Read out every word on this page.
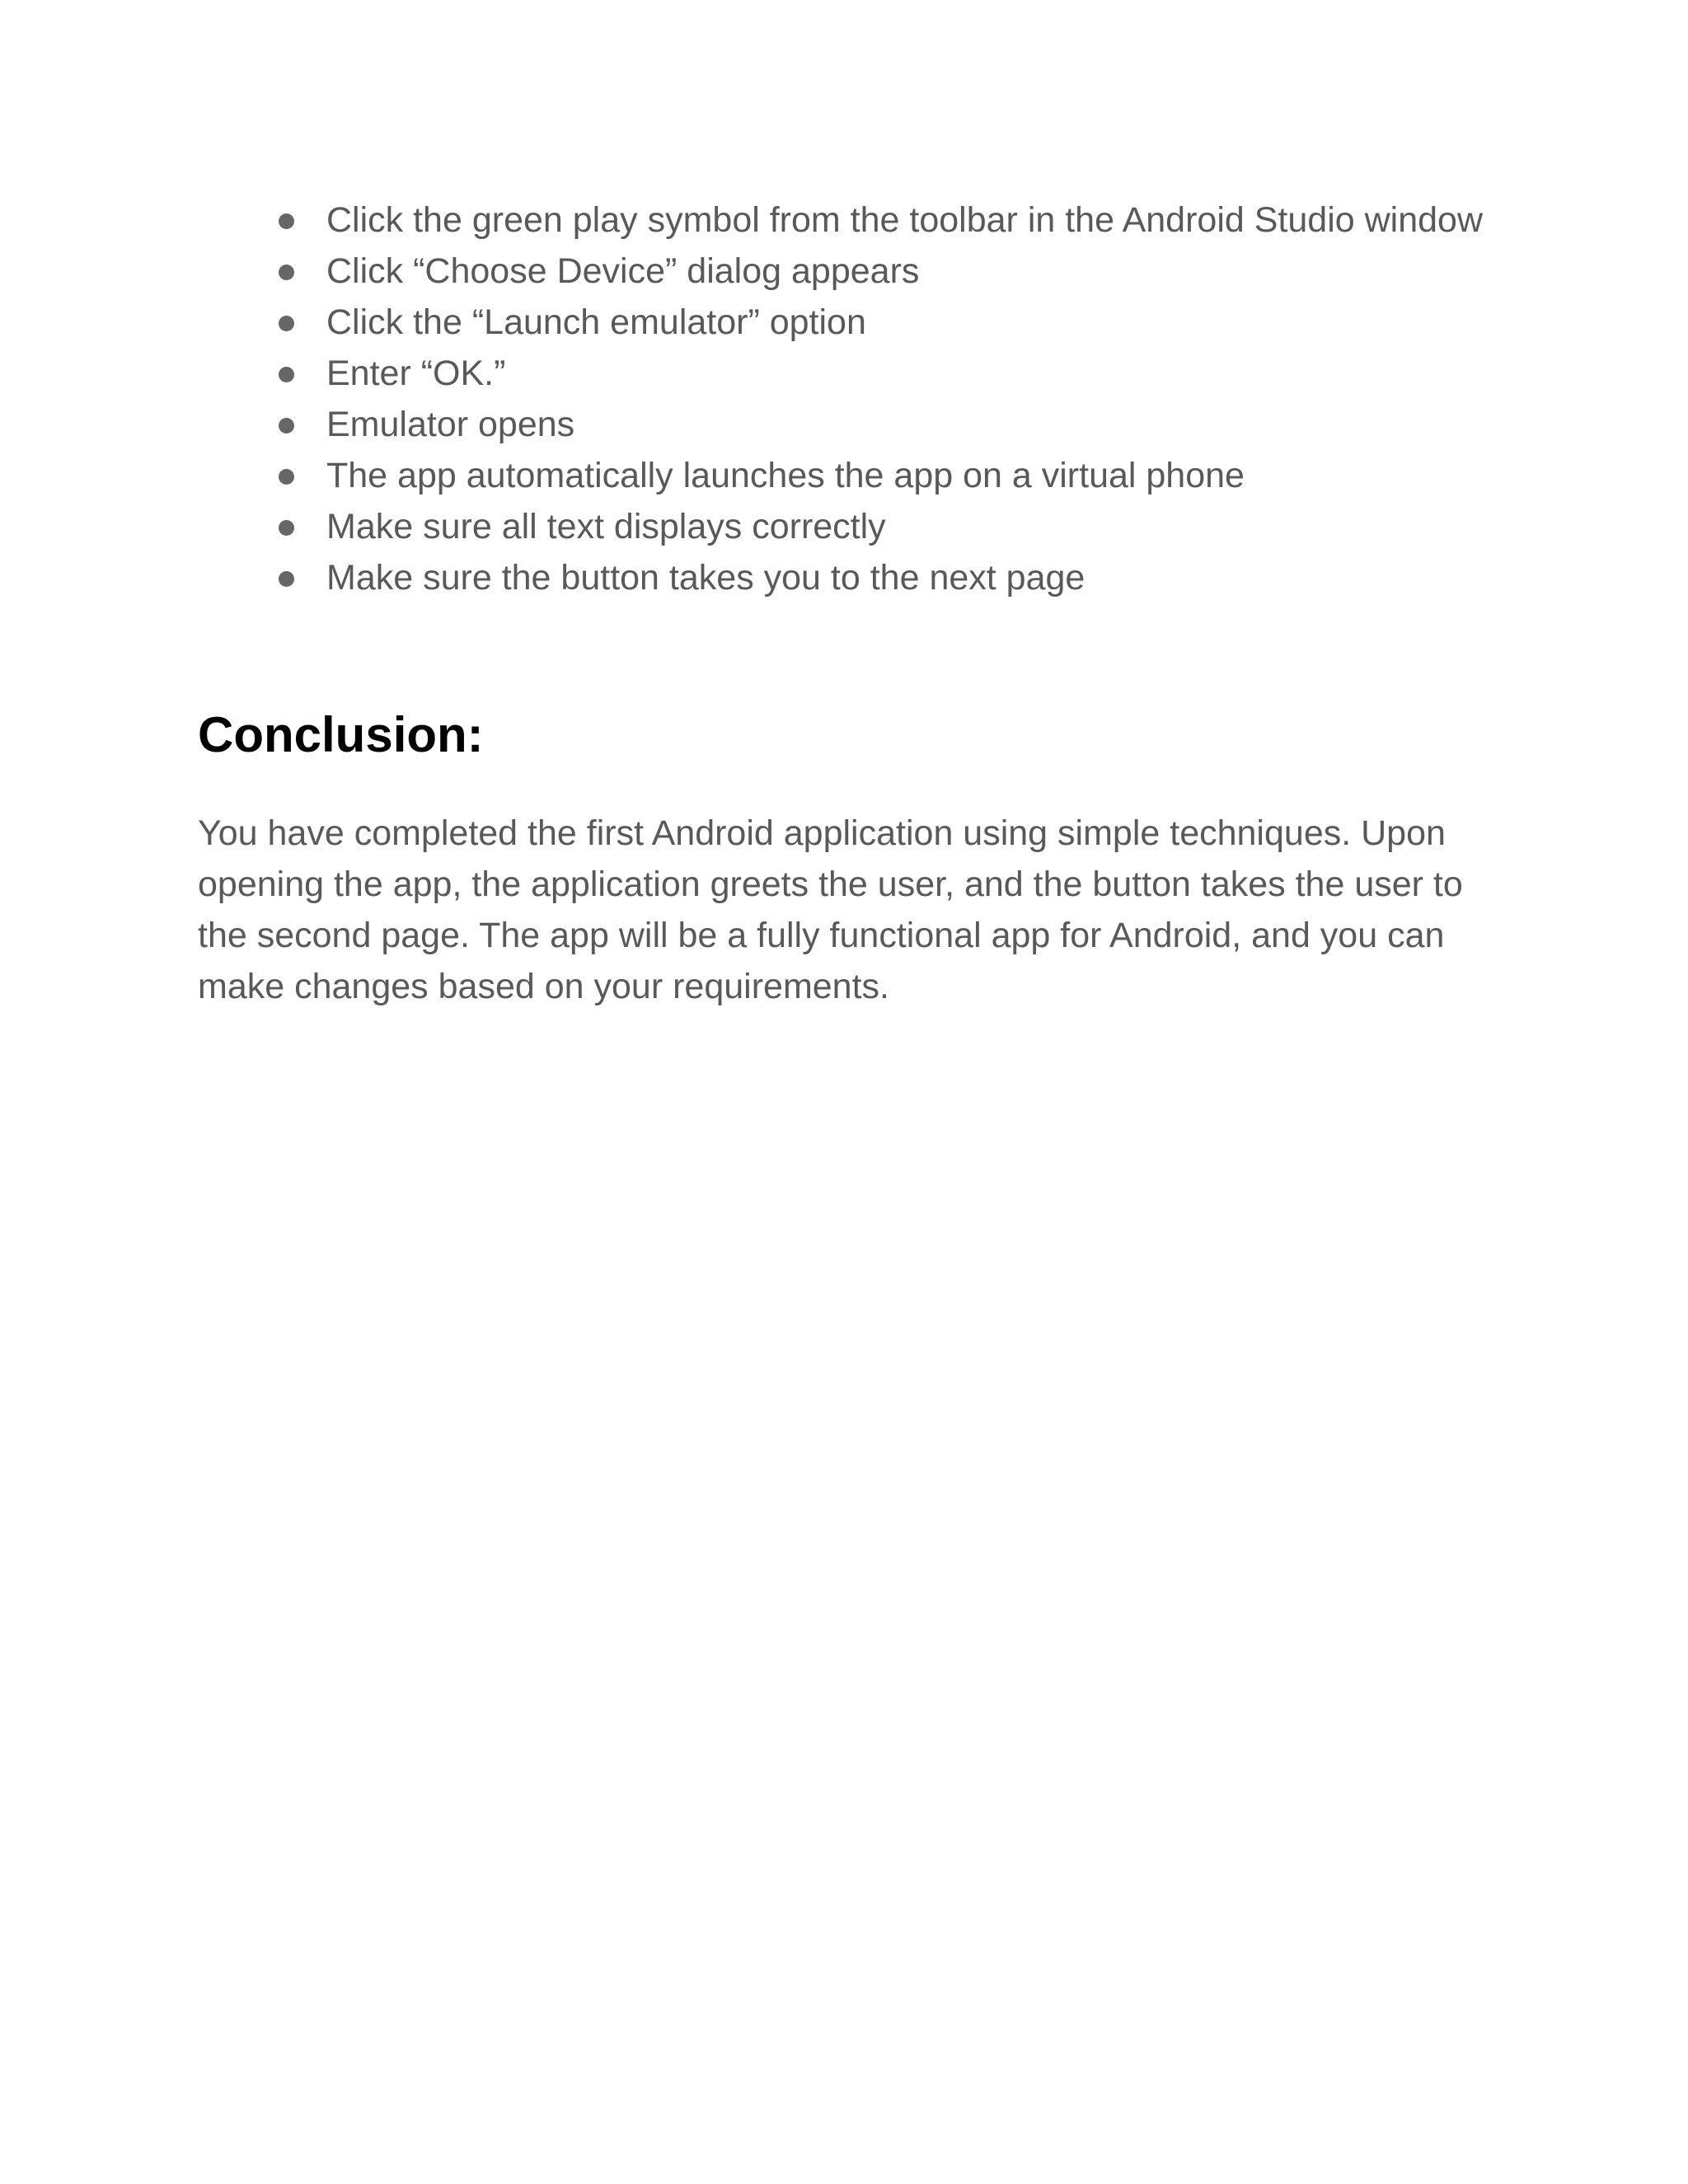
Click the green play symbol from the toolbar in the Android Studio window
Click “Choose Device” dialog appears
Click the “Launch emulator” option
Enter “OK.”
Emulator opens
The app automatically launches the app on a virtual phone
Make sure all text displays correctly
Make sure the button takes you to the next page
Conclusion:

You have completed the first Android application using simple techniques. Upon opening the app, the application greets the user, and the button takes the user to the second page. The app will be a fully functional app for Android, and you can make changes based on your requirements.
